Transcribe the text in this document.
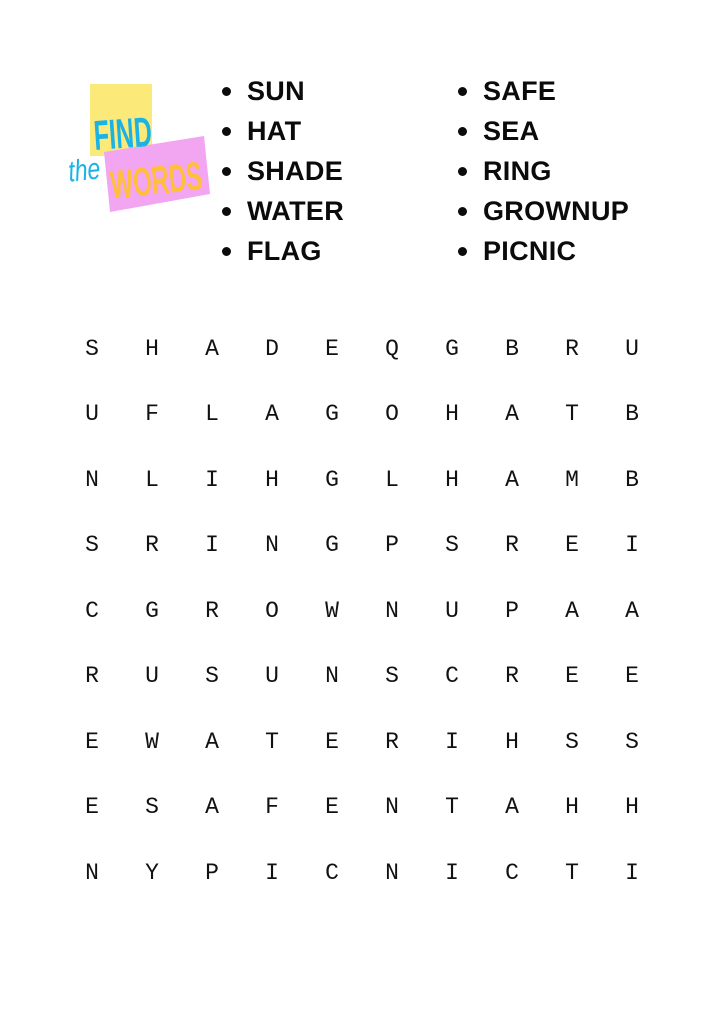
FIND
the
WORDS
SUN
HAT
SHADE
WATER
FLAG
SAFE
SEA
RING
GROWNUP
PICNIC
S	H	A	D	E	Q	G	B	R	U
U	F	L	A	G	O	H	A	T	B
N	L	I	H	G	L	H	A	M	B
S	R	I	N	G	P	S	R	E	I
C	G	R	O	W	N	U	P	A	A
R	U	S	U	N	S	C	R	E	E
E	W	A	T	E	R	I	H	S	S
E	S	A	F	E	N	T	A	H	H
N	Y	P	I	C	N	I	C	T	I
